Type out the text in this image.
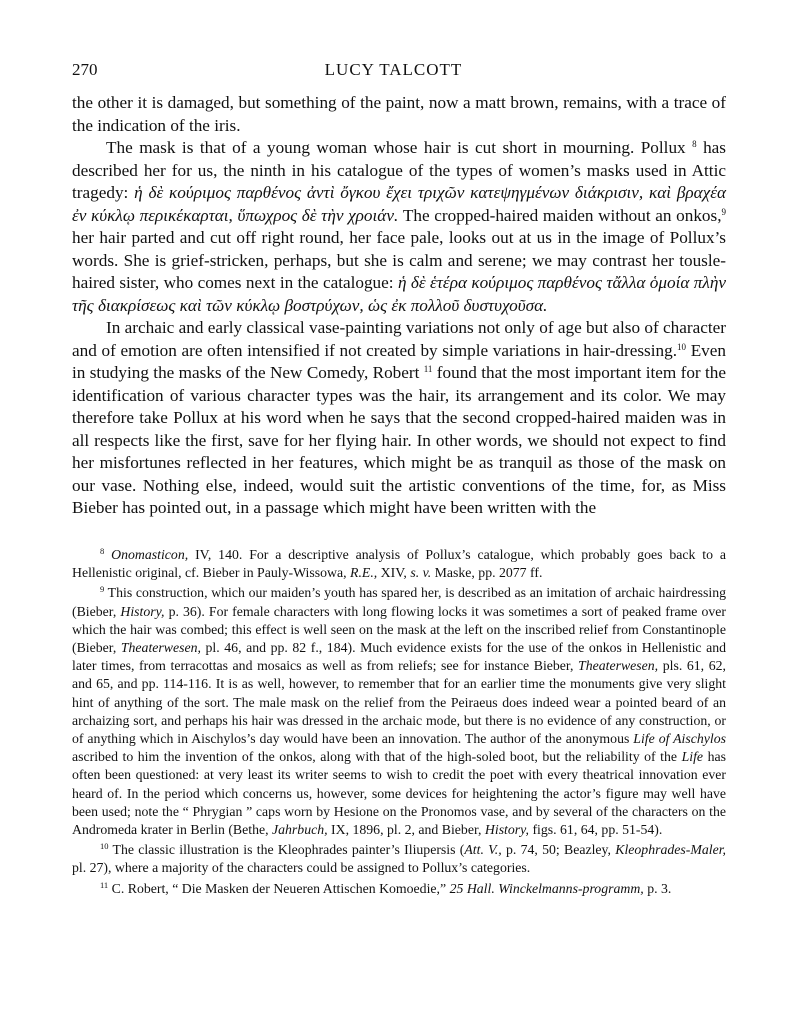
270	LUCY TALCOTT

the other it is damaged, but something of the paint, now a matt brown, remains, with a trace of the indication of the iris.

The mask is that of a young woman whose hair is cut short in mourning. Pollux $^8$ has described her for us, the ninth in his catalogue of the types of women’s masks used in Attic tragedy: ἡ δὲ κούριμος παρθένος ἀντὶ ὄγκου ἔχει τριχῶν κατεψηγμένων διάκρισιν, καὶ βραχέα ἐν κύκλῳ περικέκαρται, ὕπωχρος δὲ τὴν χροιάν. The cropped-haired maiden without an onkos,$^9$ her hair parted and cut off right round, her face pale, looks out at us in the image of Pollux’s words. She is grief-stricken, perhaps, but she is calm and serene; we may contrast her tousle-haired sister, who comes next in the catalogue: ἡ δὲ ἑτέρα κούριμος παρθένος τἄλλα ὁμοία πλὴν τῆς διακρίσεως καὶ τῶν κύκλῳ βοστρύχων, ὡς ἐκ πολλοῦ δυστυχοῦσα.

In archaic and early classical vase-painting variations not only of age but also of character and of emotion are often intensified if not created by simple variations in hair-dressing.$^{10}$ Even in studying the masks of the New Comedy, Robert $^{11}$ found that the most important item for the identification of various character types was the hair, its arrangement and its color. We may therefore take Pollux at his word when he says that the second cropped-haired maiden was in all respects like the first, save for her flying hair. In other words, we should not expect to find her misfortunes reflected in her features, which might be as tranquil as those of the mask on our vase. Nothing else, indeed, would suit the artistic conventions of the time, for, as Miss Bieber has pointed out, in a passage which might have been written with the

$^8$ Onomasticon, IV, 140. For a descriptive analysis of Pollux’s catalogue, which probably goes back to a Hellenistic original, cf. Bieber in Pauly-Wissowa, R.E., XIV, s. v. Maske, pp. 2077 ff.

$^9$ This construction, which our maiden’s youth has spared her, is described as an imitation of archaic hairdressing (Bieber, History, p. 36). For female characters with long flowing locks it was sometimes a sort of peaked frame over which the hair was combed; this effect is well seen on the mask at the left on the inscribed relief from Constantinople (Bieber, Theaterwesen, pl. 46, and pp. 82 f., 184). Much evidence exists for the use of the onkos in Hellenistic and later times, from terracottas and mosaics as well as from reliefs; see for instance Bieber, Theaterwesen, pls. 61, 62, and 65, and pp. 114-116. It is as well, however, to remember that for an earlier time the monuments give very slight hint of anything of the sort. The male mask on the relief from the Peiraeus does indeed wear a pointed beard of an archaizing sort, and perhaps his hair was dressed in the archaic mode, but there is no evidence of any construction, or of anything which in Aischylos’s day would have been an innovation. The author of the anonymous Life of Aischylos ascribed to him the invention of the onkos, along with that of the high-soled boot, but the reliability of the Life has often been questioned: at very least its writer seems to wish to credit the poet with every theatrical innovation ever heard of. In the period which concerns us, however, some devices for heightening the actor’s figure may well have been used; note the “ Phrygian ” caps worn by Hesione on the Pronomos vase, and by several of the characters on the Andromeda krater in Berlin (Bethe, Jahrbuch, IX, 1896, pl. 2, and Bieber, History, figs. 61, 64, pp. 51-54).

$^{10}$ The classic illustration is the Kleophrades painter’s Iliupersis (Att. V., p. 74, 50; Beazley, Kleophrades-Maler, pl. 27), where a majority of the characters could be assigned to Pollux’s categories.

$^{11}$ C. Robert, “ Die Masken der Neueren Attischen Komoedie,” 25 Hall. Winckelmanns-programm, p. 3.
